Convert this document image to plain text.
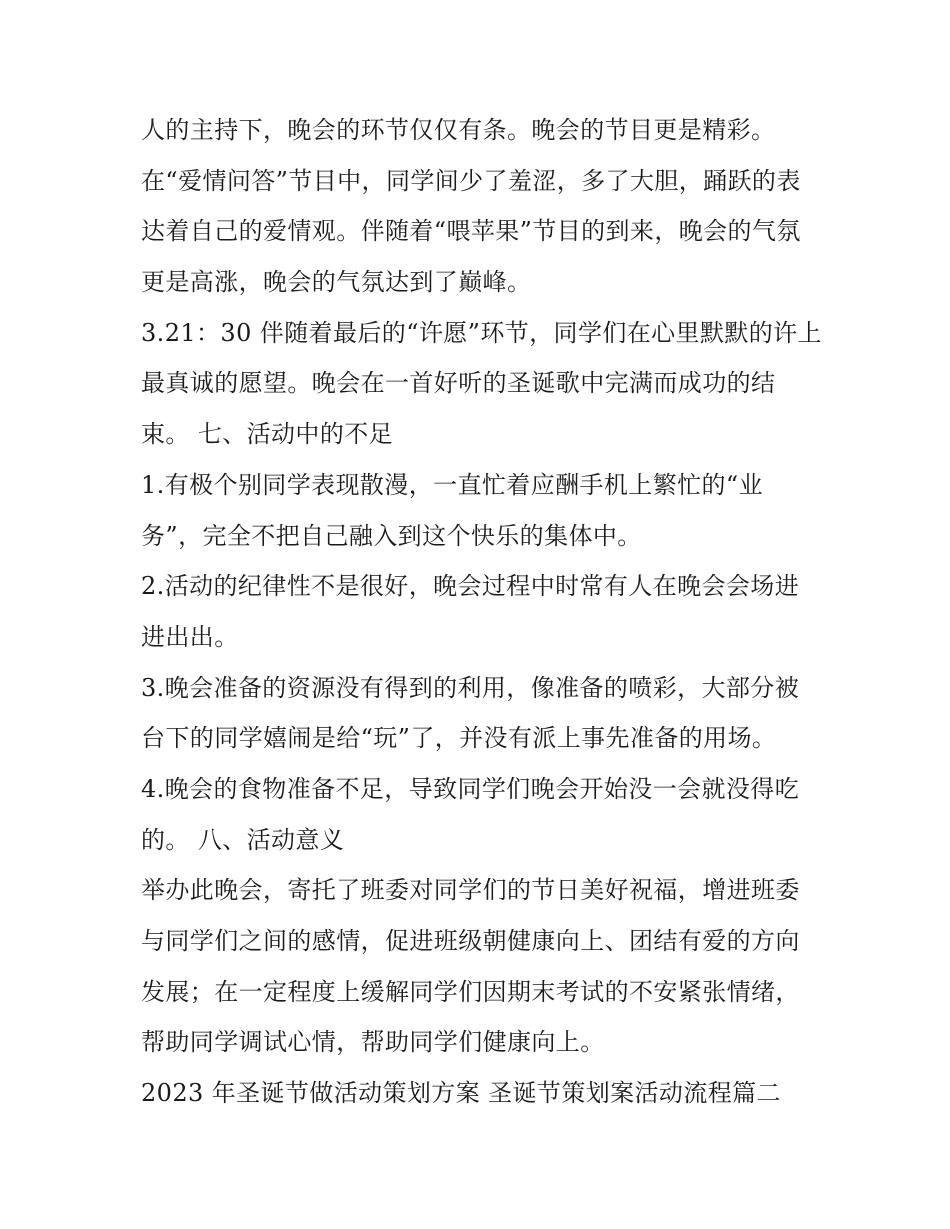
人的主持下，晚会的环节仅仅有条。晚会的节目更是精彩。
在“爱情问答”节目中，同学间少了羞涩，多了大胆，踊跃的表
达着自己的爱情观。伴随着“喂苹果”节目的到来，晚会的气氛
更是高涨，晚会的气氛达到了巅峰。
3.21：30 伴随着最后的“许愿”环节，同学们在心里默默的许上
最真诚的愿望。晚会在一首好听的圣诞歌中完满而成功的结
束。 七、活动中的不足
1.有极个别同学表现散漫，一直忙着应酬手机上繁忙的“业
务”，完全不把自己融入到这个快乐的集体中。
2.活动的纪律性不是很好，晚会过程中时常有人在晚会会场进
进出出。
3.晚会准备的资源没有得到的利用，像准备的喷彩，大部分被
台下的同学嬉闹是给“玩”了，并没有派上事先准备的用场。
4.晚会的食物准备不足，导致同学们晚会开始没一会就没得吃
的。 八、活动意义
举办此晚会，寄托了班委对同学们的节日美好祝福，增进班委
与同学们之间的感情，促进班级朝健康向上、团结有爱的方向
发展；在一定程度上缓解同学们因期末考试的不安紧张情绪，
帮助同学调试心情，帮助同学们健康向上。
2023 年圣诞节做活动策划方案 圣诞节策划案活动流程篇二
